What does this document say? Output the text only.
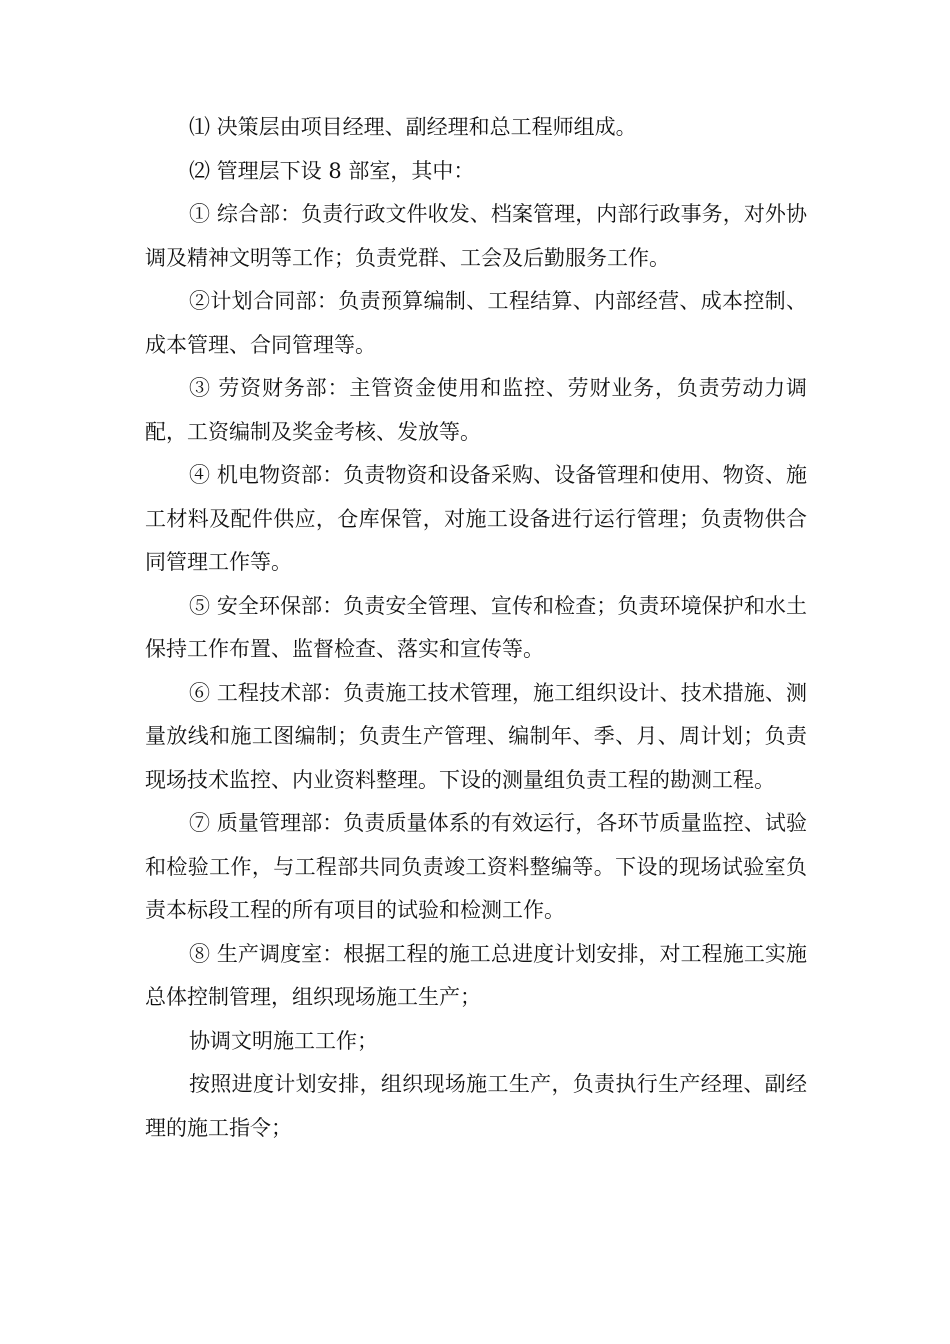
⑴ 决策层由项目经理、副经理和总工程师组成。

⑵ 管理层下设 8 部室，其中：

① 综合部：负责行政文件收发、档案管理，内部行政事务，对外协调及精神文明等工作；负责党群、工会及后勤服务工作。

②计划合同部：负责预算编制、工程结算、内部经营、成本控制、成本管理、合同管理等。

③ 劳资财务部：主管资金使用和监控、劳财业务，负责劳动力调配，工资编制及奖金考核、发放等。

④ 机电物资部：负责物资和设备采购、设备管理和使用、物资、施工材料及配件供应，仓库保管，对施工设备进行运行管理；负责物供合同管理工作等。

⑤ 安全环保部：负责安全管理、宣传和检查；负责环境保护和水土保持工作布置、监督检查、落实和宣传等。

⑥ 工程技术部：负责施工技术管理，施工组织设计、技术措施、测量放线和施工图编制；负责生产管理、编制年、季、月、周计划；负责现场技术监控、内业资料整理。下设的测量组负责工程的勘测工程。

⑦ 质量管理部：负责质量体系的有效运行，各环节质量监控、试验和检验工作，与工程部共同负责竣工资料整编等。下设的现场试验室负责本标段工程的所有项目的试验和检测工作。

⑧ 生产调度室：根据工程的施工总进度计划安排，对工程施工实施总体控制管理，组织现场施工生产；

协调文明施工工作；

按照进度计划安排，组织现场施工生产，负责执行生产经理、副经理的施工指令；
